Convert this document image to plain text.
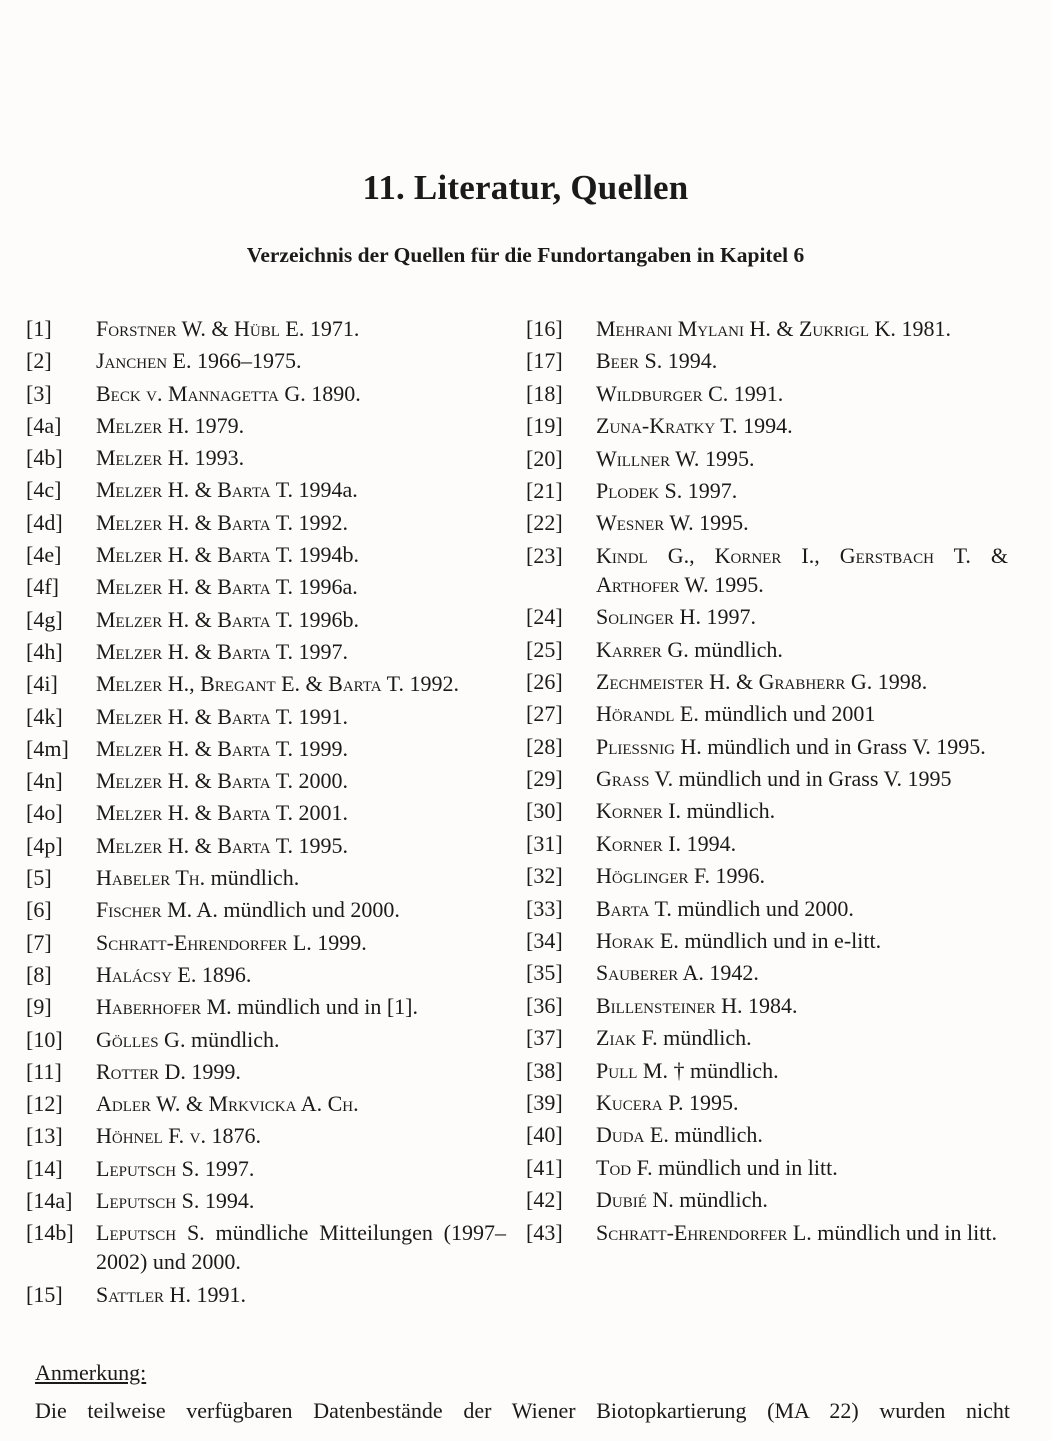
11. Literatur, Quellen
Verzeichnis der Quellen für die Fundortangaben in Kapitel 6
[1]	Forstner W. & Hübl E. 1971.
[2]	Janchen E. 1966–1975.
[3]	Beck v. Mannagetta G. 1890.
[4a]	Melzer H. 1979.
[4b]	Melzer H. 1993.
[4c]	Melzer H. & Barta T. 1994a.
[4d]	Melzer H. & Barta T. 1992.
[4e]	Melzer H. & Barta T. 1994b.
[4f]	Melzer H. & Barta T. 1996a.
[4g]	Melzer H. & Barta T. 1996b.
[4h]	Melzer H. & Barta T. 1997.
[4i]	Melzer H., Bregant E. & Barta T. 1992.
[4k]	Melzer H. & Barta T. 1991.
[4m]	Melzer H. & Barta T. 1999.
[4n]	Melzer H. & Barta T. 2000.
[4o]	Melzer H. & Barta T. 2001.
[4p]	Melzer H. & Barta T. 1995.
[5]	Habeler Th. mündlich.
[6]	Fischer M. A. mündlich und 2000.
[7]	Schratt-Ehrendorfer L. 1999.
[8]	Halácsy E. 1896.
[9]	Haberhofer M. mündlich und in [1].
[10]	Gölles G. mündlich.
[11]	Rotter D. 1999.
[12]	Adler W. & Mrkvicka A. Ch.
[13]	Höhnel F. v. 1876.
[14]	Leputsch S. 1997.
[14a]	Leputsch S. 1994.
[14b]	Leputsch S. mündliche Mitteilungen (1997–2002) und 2000.
[15]	Sattler H. 1991.
[16]	Mehrani Mylani H. & Zukrigl K. 1981.
[17]	Beer S. 1994.
[18]	Wildburger C. 1991.
[19]	Zuna-Kratky T. 1994.
[20]	Willner W. 1995.
[21]	Plodek S. 1997.
[22]	Wesner W. 1995.
[23]	Kindl G., Korner I., Gerstbach T. & Arthofer W. 1995.
[24]	Solinger H. 1997.
[25]	Karrer G. mündlich.
[26]	Zechmeister H. & Grabherr G. 1998.
[27]	Hörandl E. mündlich und 2001
[28]	Pliessnig H. mündlich und in Grass V. 1995.
[29]	Grass V. mündlich und in Grass V. 1995
[30]	Korner I. mündlich.
[31]	Korner I. 1994.
[32]	Höglinger F. 1996.
[33]	Barta T. mündlich und 2000.
[34]	Horak E. mündlich und in e-litt.
[35]	Sauberer A. 1942.
[36]	Billensteiner H. 1984.
[37]	Ziak F. mündlich.
[38]	Pull M. † mündlich.
[39]	Kucera P. 1995.
[40]	Duda E. mündlich.
[41]	Tod F. mündlich und in litt.
[42]	Dubié N. mündlich.
[43]	Schratt-Ehrendorfer L. mündlich und in litt.
Anmerkung:
Die teilweise verfügbaren Datenbestände der Wiener Biotopkartierung (MA 22) wurden nicht
